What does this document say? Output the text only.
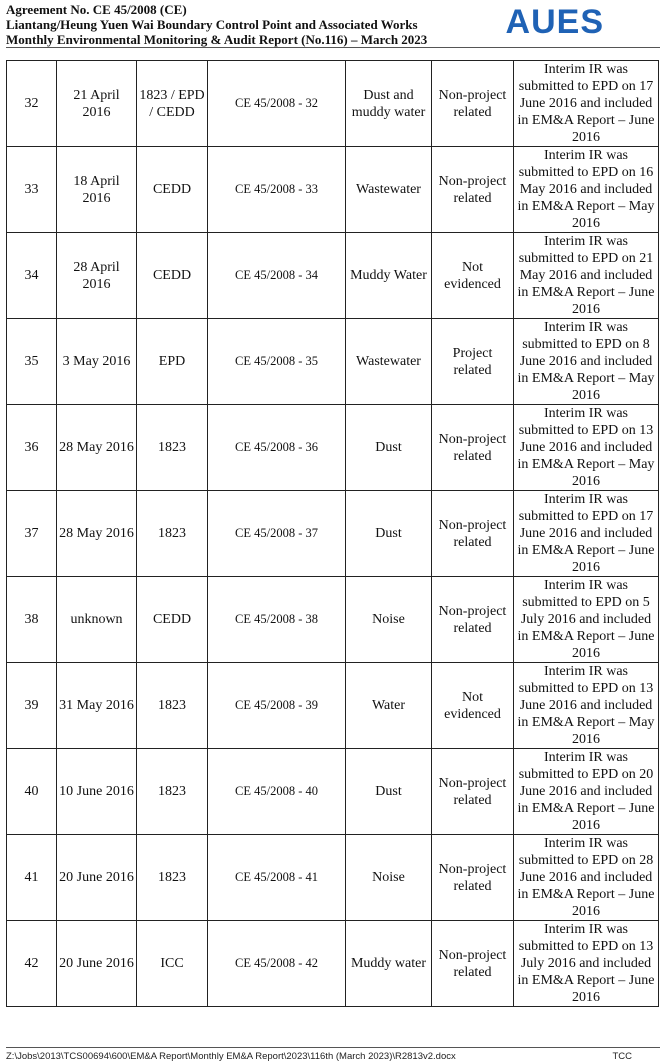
Agreement No. CE 45/2008 (CE)
Liantang/Heung Yuen Wai Boundary Control Point and Associated Works
Monthly Environmental Monitoring & Audit Report (No.116) – March 2023	AUES
32	21 April 2016	1823 / EPD / CEDD	CE 45/2008 - 32	Dust and muddy water	Non-project related	Interim IR was submitted to EPD on 17 June 2016 and included in EM&A Report – June 2016
33	18 April 2016	CEDD	CE 45/2008 - 33	Wastewater	Non-project related	Interim IR was submitted to EPD on 16 May 2016 and included in EM&A Report – May 2016
34	28 April 2016	CEDD	CE 45/2008 - 34	Muddy Water	Not evidenced	Interim IR was submitted to EPD on 21 May 2016 and included in EM&A Report – June 2016
35	3 May 2016	EPD	CE 45/2008 - 35	Wastewater	Project related	Interim IR was submitted to EPD on 8 June 2016 and included in EM&A Report – May 2016
36	28 May 2016	1823	CE 45/2008 - 36	Dust	Non-project related	Interim IR was submitted to EPD on 13 June 2016 and included in EM&A Report – May 2016
37	28 May 2016	1823	CE 45/2008 - 37	Dust	Non-project related	Interim IR was submitted to EPD on 17 June 2016 and included in EM&A Report – June 2016
38	unknown	CEDD	CE 45/2008 - 38	Noise	Non-project related	Interim IR was submitted to EPD on 5 July 2016 and included in EM&A Report – June 2016
39	31 May 2016	1823	CE 45/2008 - 39	Water	Not evidenced	Interim IR was submitted to EPD on 13 June 2016 and included in EM&A Report – May 2016
40	10 June 2016	1823	CE 45/2008 - 40	Dust	Non-project related	Interim IR was submitted to EPD on 20 June 2016 and included in EM&A Report – June 2016
41	20 June 2016	1823	CE 45/2008 - 41	Noise	Non-project related	Interim IR was submitted to EPD on 28 June 2016 and included in EM&A Report – June 2016
42	20 June 2016	ICC	CE 45/2008 - 42	Muddy water	Non-project related	Interim IR was submitted to EPD on 13 July 2016 and included in EM&A Report – June 2016
Z:\Jobs\2013\TCS00694\600\EM&A Report\Monthly EM&A Report\2023\116th (March 2023)\R2813v2.docx	TCC
